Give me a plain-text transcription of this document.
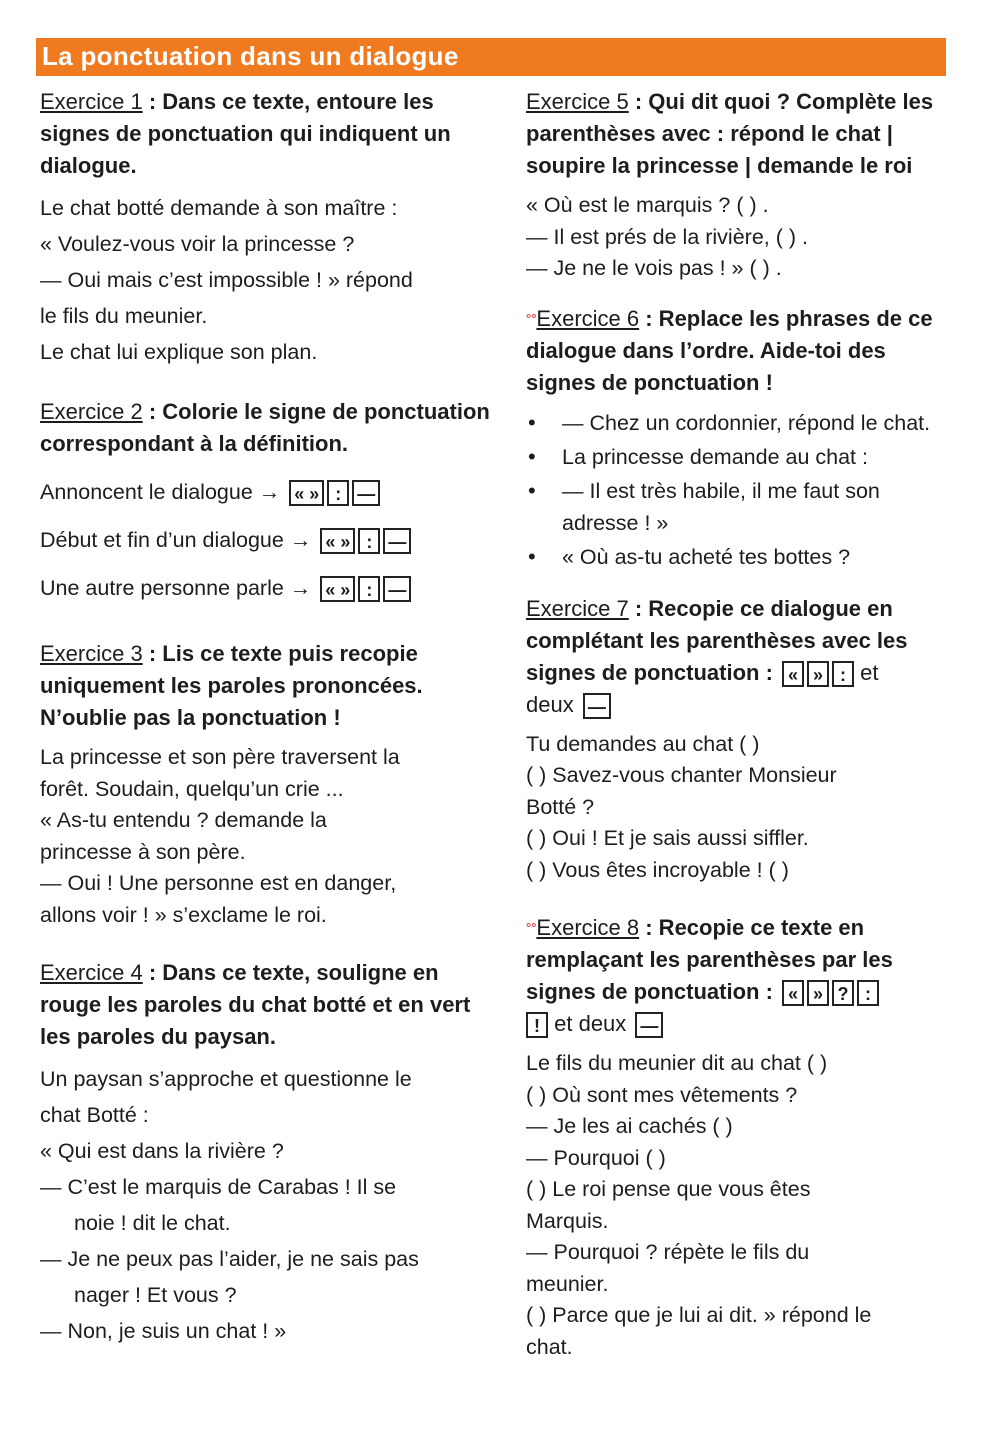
La ponctuation dans un dialogue

Exercice 1 : Dans ce texte, entoure les signes de ponctuation qui indiquent un dialogue.

Le chat botté demande à son maître :
« Voulez-vous voir la princesse ?
— Oui mais c’est impossible ! » répond
le fils du meunier.
Le chat lui explique son plan.

Exercice 2 : Colorie le signe de ponctuation correspondant à la définition.

Annoncent le dialogue → « » : —
Début et fin d’un dialogue → « » : —
Une autre personne parle → « » : —

Exercice 3 : Lis ce texte puis recopie uniquement les paroles prononcées. N’oublie pas la ponctuation !

La princesse et son père traversent la
forêt. Soudain, quelqu’un crie ...
« As-tu entendu ? demande la
princesse à son père.
— Oui ! Une personne est en danger,
allons voir ! » s’exclame le roi.

Exercice 4 : Dans ce texte, souligne en rouge les paroles du chat botté et en vert les paroles du paysan.

Un paysan s’approche et questionne le
chat Botté :
« Qui est dans la rivière ?
— C’est le marquis de Carabas ! Il se
noie ! dit le chat.
— Je ne peux pas l’aider, je ne sais pas
nager ! Et vous ?
— Non, je suis un chat ! »

Exercice 5 : Qui dit quoi ? Complète les parenthèses avec : répond le chat | soupire la princesse | demande le roi

« Où est le marquis ? ( ) .
— Il est prés de la rivière, ( ) .
— Je ne le vois pas ! » ( ) .

°°Exercice 6 : Replace les phrases de ce dialogue dans l’ordre. Aide-toi des signes de ponctuation !

• — Chez un cordonnier, répond le chat.
• La princesse demande au chat :
• — Il est très habile, il me faut son adresse ! »
• « Où as-tu acheté tes bottes ?

Exercice 7 : Recopie ce dialogue en complétant les parenthèses avec les signes de ponctuation : « » : et
deux —

Tu demandes au chat ( )
( ) Savez-vous chanter Monsieur
Botté ?
( ) Oui ! Et je sais aussi siffler.
( ) Vous êtes incroyable ! ( )

°°Exercice 8 : Recopie ce texte en remplaçant les parenthèses par les signes de ponctuation : « » ? :
! et deux —

Le fils du meunier dit au chat ( )
( ) Où sont mes vêtements ?
— Je les ai cachés ( )
— Pourquoi ( )
( ) Le roi pense que vous êtes
Marquis.
— Pourquoi ? répète le fils du
meunier.
( ) Parce que je lui ai dit. » répond le
chat.
